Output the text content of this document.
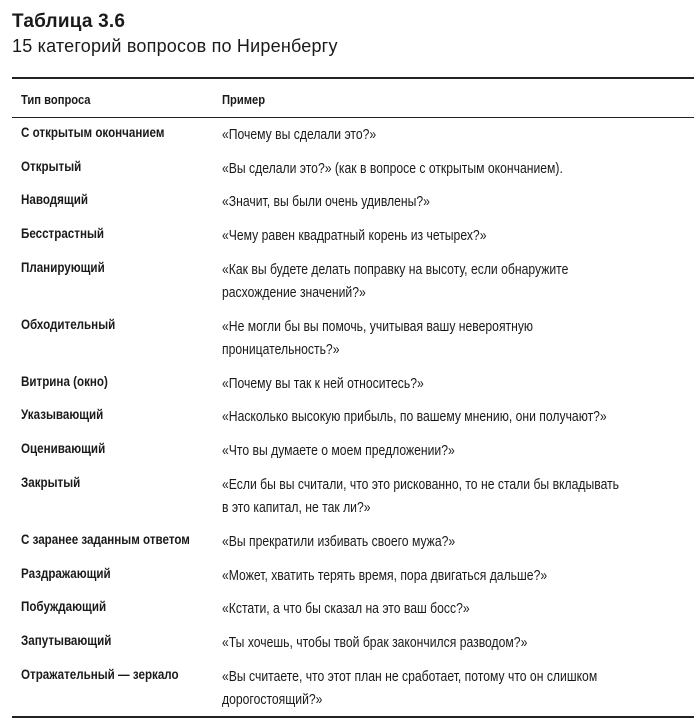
Таблица 3.6
15 категорий вопросов по Ниренбергу
Тип вопроса	Пример
С открытым окончанием	«Почему вы сделали это?»
Открытый	«Вы сделали это?» (как в вопросе с открытым окончанием).
Наводящий	«Значит, вы были очень удивлены?»
Бесстрастный	«Чему равен квадратный корень из четырех?»
Планирующий	«Как вы будете делать поправку на высоту, если обнаружите
расхождение значений?»
Обходительный	«Не могли бы вы помочь, учитывая вашу невероятную
проницательность?»
Витрина (окно)	«Почему вы так к ней относитесь?»
Указывающий	«Насколько высокую прибыль, по вашему мнению, они получают?»
Оценивающий	«Что вы думаете о моем предложении?»
Закрытый	«Если бы вы считали, что это рискованно, то не стали бы вкладывать
в это капитал, не так ли?»
С заранее заданным ответом «Вы прекратили избивать своего мужа?»
Раздражающий	«Может, хватить терять время, пора двигаться дальше?»
Побуждающий	«Кстати, а что бы сказал на это ваш босс?»
Запутывающий	«Ты хочешь, чтобы твой брак закончился разводом?»
Отражательный — зеркало	«Вы считаете, что этот план не сработает, потому что он слишком
дорогостоящий?»
